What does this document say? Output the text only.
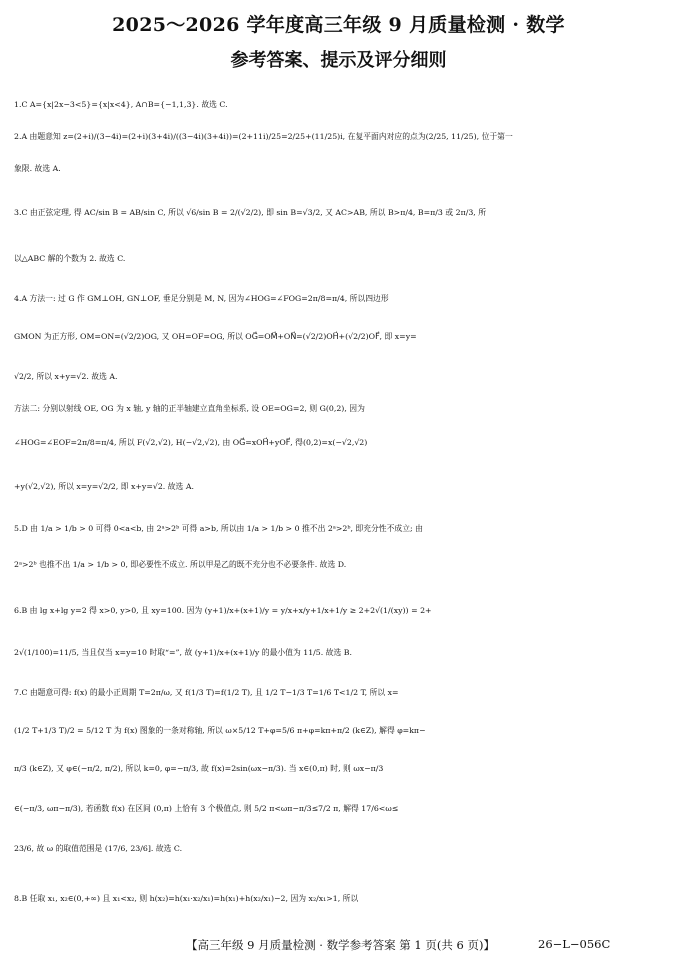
2025～2026 学年度高三年级 9 月质量检测 · 数学
参考答案、提示及评分细则
1.C A={x|2x−3<5}={x|x<4}, A∩B={−1,1,3}. 故选 C.
2.A 由题意知 z=(2+i)/(3−4i)=(2+i)(3+4i)/((3−4i)(3+4i))=(2+11i)/25=2/25+(11/25)i, 在复平面内对应的点为(2/25, 11/25), 位于第一
象限. 故选 A.
3.C 由正弦定理, 得 AC/sin B = AB/sin C, 所以 √6/sin B = 2/(√2/2), 即 sin B=√3/2, 又 AC>AB, 所以 B>π/4, B=π/3 或 2π/3, 所
以△ABC 解的个数为 2. 故选 C.
4.A 方法一: 过 G 作 GM⊥OH, GN⊥OF, 垂足分别是 M, N, 因为∠HOG=∠FOG=2π/8=π/4, 所以四边形
GMON 为正方形, OM=ON=(√2/2)OG, 又 OH=OF=OG, 所以 OG⃗=OM⃗+ON⃗=(√2/2)OH⃗+(√2/2)OF⃗, 即 x=y=
√2/2, 所以 x+y=√2. 故选 A.
方法二: 分别以射线 OE, OG 为 x 轴, y 轴的正半轴建立直角坐标系, 设 OE=OG=2, 则 G(0,2), 因为
∠HOG=∠EOF=2π/8=π/4, 所以 F(√2,√2), H(−√2,√2), 由 OG⃗=xOH⃗+yOF⃗, 得(0,2)=x(−√2,√2)
+y(√2,√2), 所以 x=y=√2/2, 即 x+y=√2. 故选 A.
5.D 由 1/a > 1/b > 0 可得 0<a<b, 由 2ᵃ>2ᵇ 可得 a>b, 所以由 1/a > 1/b > 0 推不出 2ᵃ>2ᵇ, 即充分性不成立; 由
2ᵃ>2ᵇ 也推不出 1/a > 1/b > 0, 即必要性不成立. 所以甲是乙的既不充分也不必要条件. 故选 D.
6.B 由 lg x+lg y=2 得 x>0, y>0, 且 xy=100. 因为 (y+1)/x+(x+1)/y = y/x+x/y+1/x+1/y ≥ 2+2√(1/(xy)) = 2+
2√(1/100)=11/5, 当且仅当 x=y=10 时取“=”, 故 (y+1)/x+(x+1)/y 的最小值为 11/5. 故选 B.
7.C 由题意可得: f(x) 的最小正周期 T=2π/ω, 又 f(1/3 T)=f(1/2 T), 且 1/2 T−1/3 T=1/6 T<1/2 T, 所以 x=
(1/2 T+1/3 T)/2 = 5/12 T 为 f(x) 图象的一条对称轴, 所以 ω×5/12 T+φ=5/6 π+φ=kπ+π/2 (k∈Z), 解得 φ=kπ−
π/3 (k∈Z), 又 φ∈(−π/2, π/2), 所以 k=0, φ=−π/3, 故 f(x)=2sin(ωx−π/3). 当 x∈(0,π) 时, 则 ωx−π/3
∈(−π/3, ωπ−π/3), 若函数 f(x) 在区间 (0,π) 上恰有 3 个极值点, 则 5/2 π<ωπ−π/3≤7/2 π, 解得 17/6<ω≤
23/6, 故 ω 的取值范围是 (17/6, 23/6]. 故选 C.
8.B 任取 x₁, x₂∈(0,+∞) 且 x₁<x₂, 则 h(x₂)=h(x₁·x₂/x₁)=h(x₁)+h(x₂/x₁)−2, 因为 x₂/x₁>1, 所以
【高三年级 9 月质量检测 · 数学参考答案 第 1 页(共 6 页)】	26−L−056C
